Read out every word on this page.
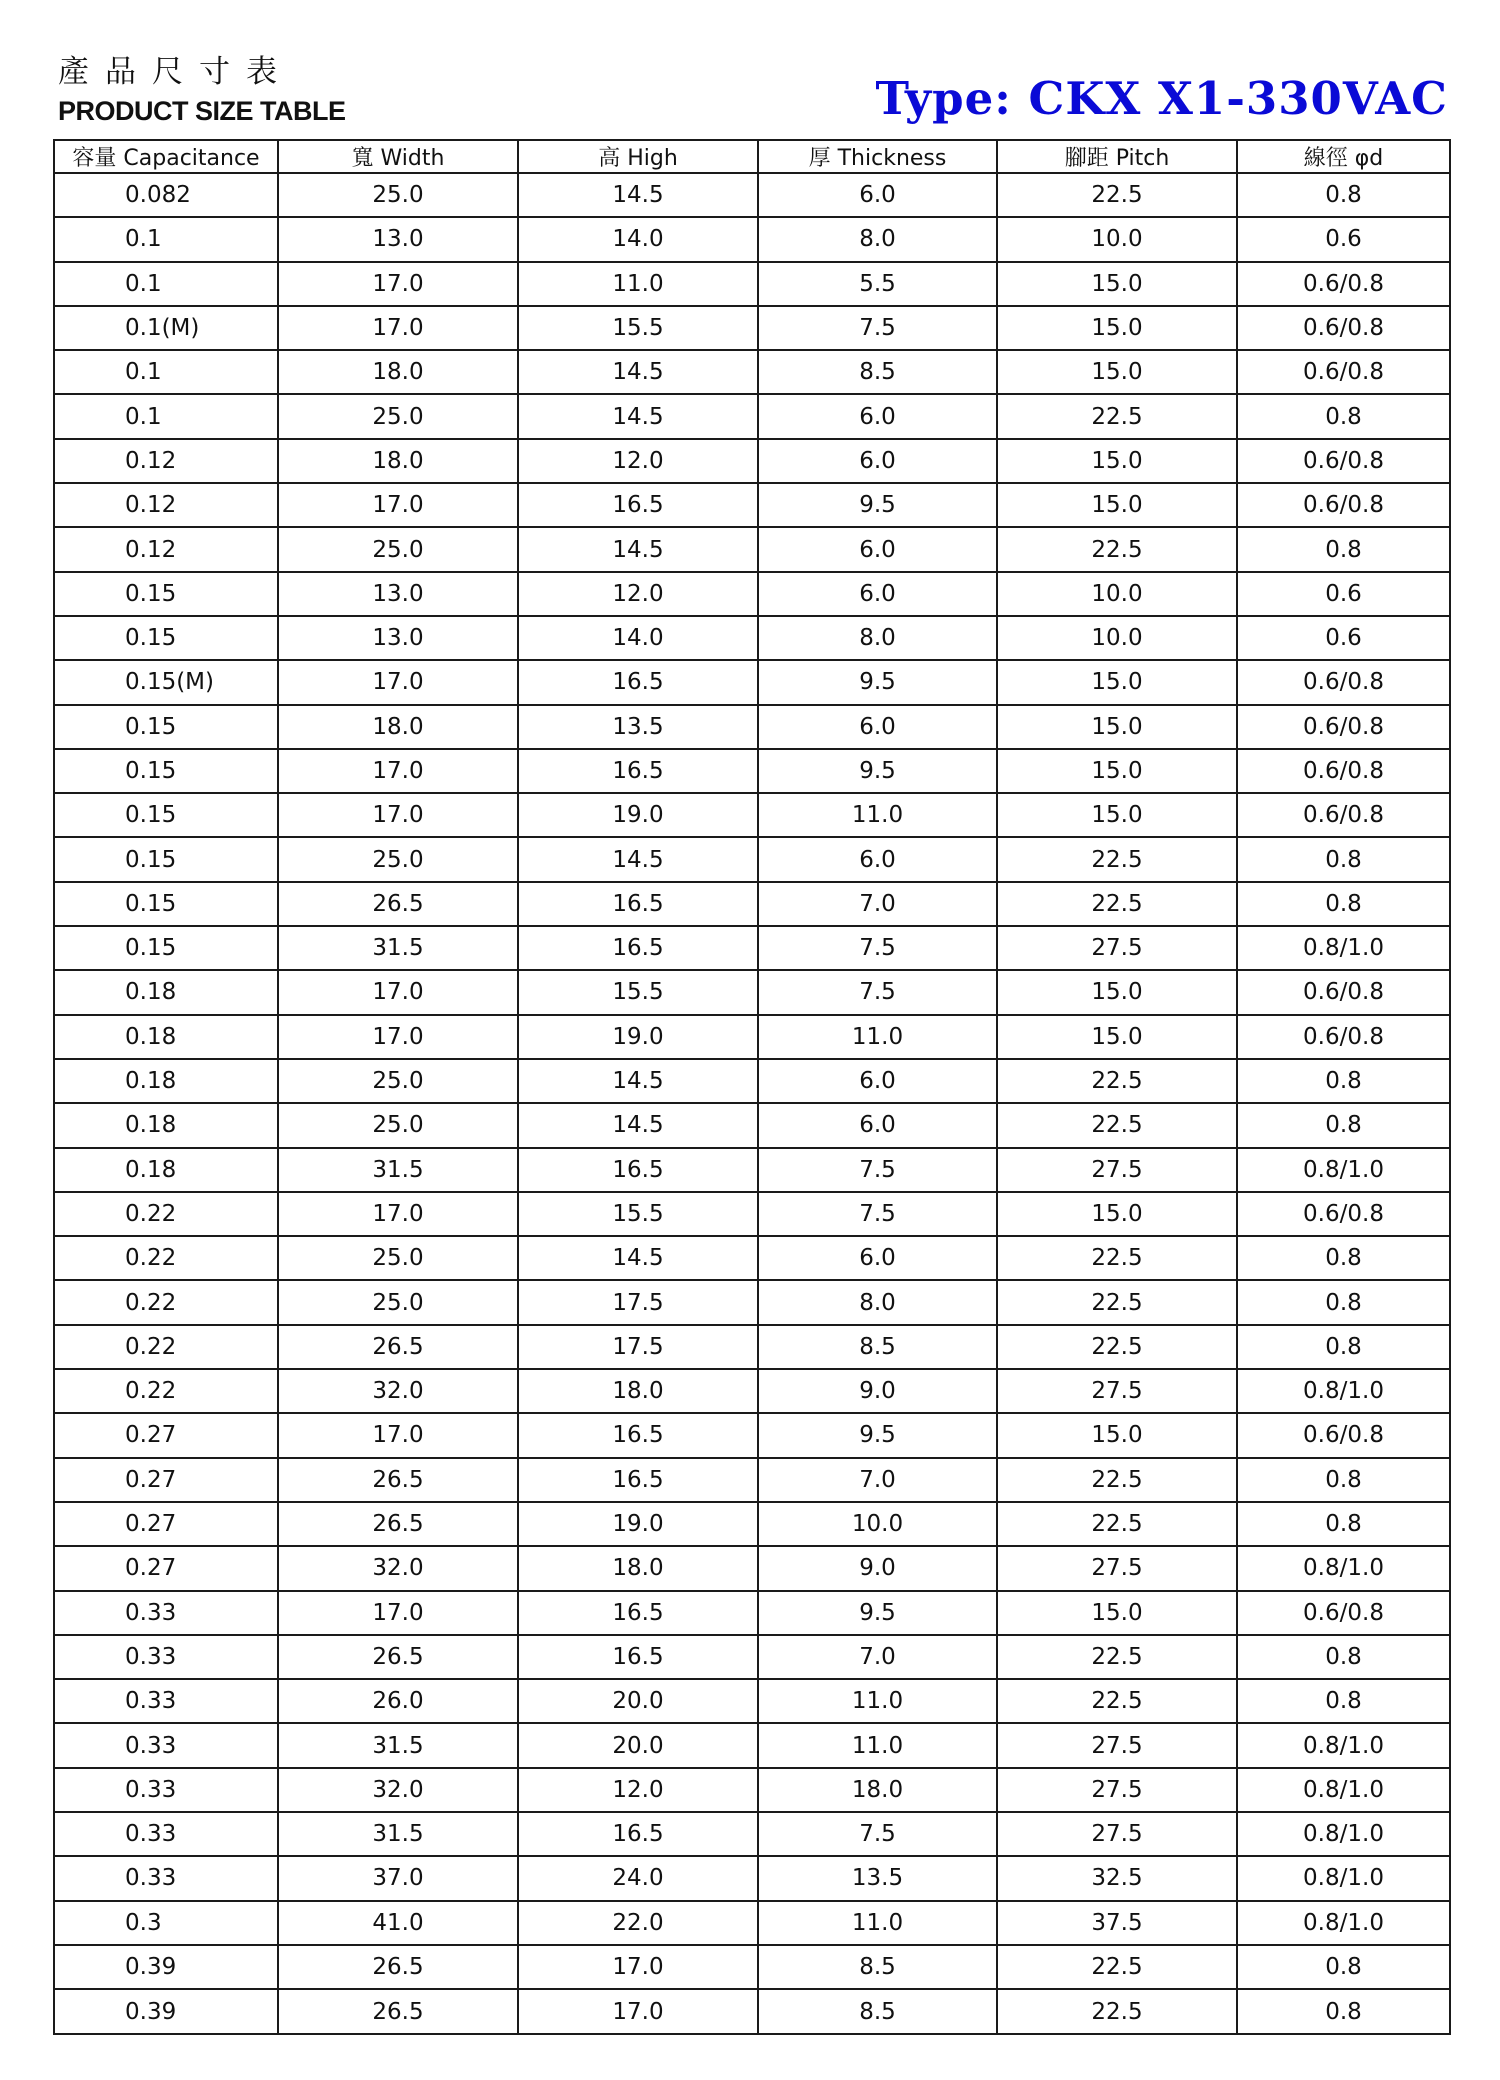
產品尺寸表
PRODUCT SIZE TABLE	Type: CKX X1-330VAC
容量 Capacitance	寬 Width	高 High	厚 Thickness	腳距 Pitch	線徑 φd
0.082	25.0	14.5	6.0	22.5	0.8
0.1	13.0	14.0	8.0	10.0	0.6
0.1	17.0	11.0	5.5	15.0	0.6/0.8
0.1(M)	17.0	15.5	7.5	15.0	0.6/0.8
0.1	18.0	14.5	8.5	15.0	0.6/0.8
0.1	25.0	14.5	6.0	22.5	0.8
0.12	18.0	12.0	6.0	15.0	0.6/0.8
0.12	17.0	16.5	9.5	15.0	0.6/0.8
0.12	25.0	14.5	6.0	22.5	0.8
0.15	13.0	12.0	6.0	10.0	0.6
0.15	13.0	14.0	8.0	10.0	0.6
0.15(M)	17.0	16.5	9.5	15.0	0.6/0.8
0.15	18.0	13.5	6.0	15.0	0.6/0.8
0.15	17.0	16.5	9.5	15.0	0.6/0.8
0.15	17.0	19.0	11.0	15.0	0.6/0.8
0.15	25.0	14.5	6.0	22.5	0.8
0.15	26.5	16.5	7.0	22.5	0.8
0.15	31.5	16.5	7.5	27.5	0.8/1.0
0.18	17.0	15.5	7.5	15.0	0.6/0.8
0.18	17.0	19.0	11.0	15.0	0.6/0.8
0.18	25.0	14.5	6.0	22.5	0.8
0.18	25.0	14.5	6.0	22.5	0.8
0.18	31.5	16.5	7.5	27.5	0.8/1.0
0.22	17.0	15.5	7.5	15.0	0.6/0.8
0.22	25.0	14.5	6.0	22.5	0.8
0.22	25.0	17.5	8.0	22.5	0.8
0.22	26.5	17.5	8.5	22.5	0.8
0.22	32.0	18.0	9.0	27.5	0.8/1.0
0.27	17.0	16.5	9.5	15.0	0.6/0.8
0.27	26.5	16.5	7.0	22.5	0.8
0.27	26.5	19.0	10.0	22.5	0.8
0.27	32.0	18.0	9.0	27.5	0.8/1.0
0.33	17.0	16.5	9.5	15.0	0.6/0.8
0.33	26.5	16.5	7.0	22.5	0.8
0.33	26.0	20.0	11.0	22.5	0.8
0.33	31.5	20.0	11.0	27.5	0.8/1.0
0.33	32.0	12.0	18.0	27.5	0.8/1.0
0.33	31.5	16.5	7.5	27.5	0.8/1.0
0.33	37.0	24.0	13.5	32.5	0.8/1.0
0.3	41.0	22.0	11.0	37.5	0.8/1.0
0.39	26.5	17.0	8.5	22.5	0.8
0.39	26.5	17.0	8.5	22.5	0.8
